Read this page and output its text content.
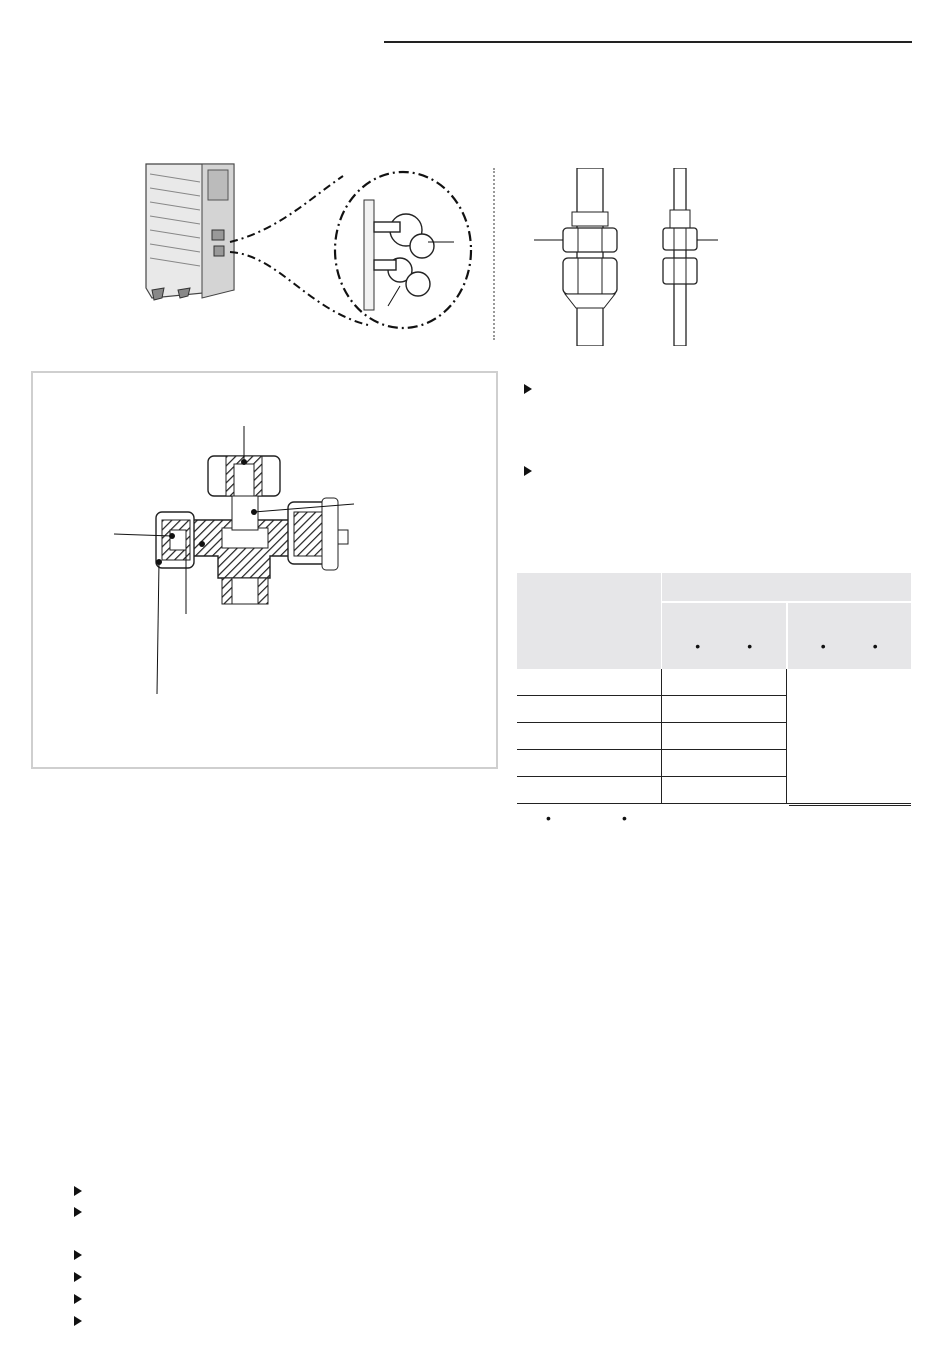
	• •	• •

•	•
